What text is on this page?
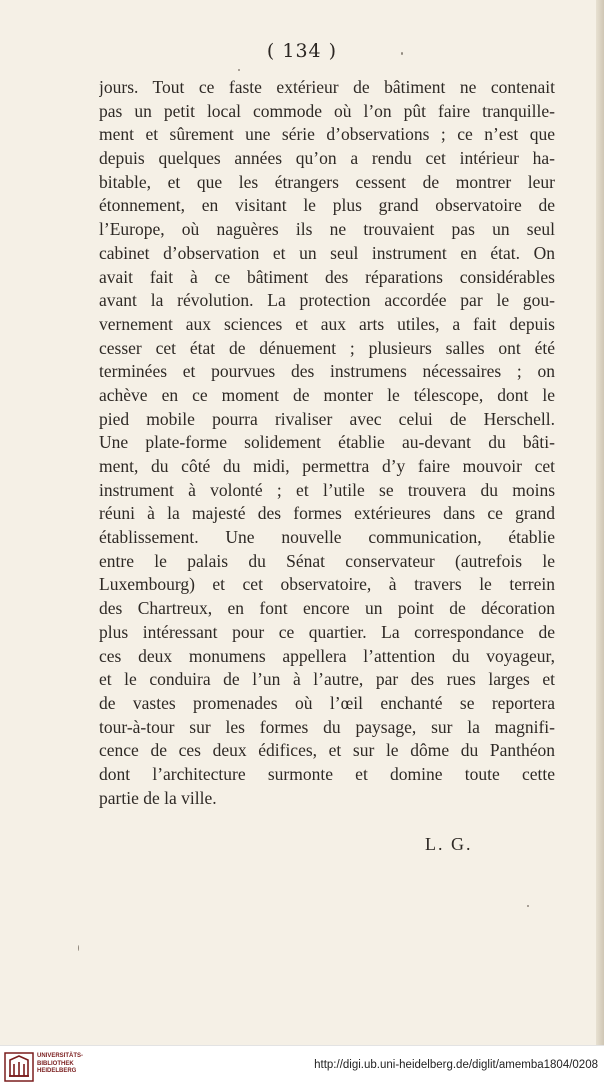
( 134 )
jours. Tout ce faste extérieur de bâtiment ne contenait
pas un petit local commode où l’on pût faire tranquille-
ment et sûrement une série d’observations ; ce n’est que
depuis quelques années qu’on a rendu cet intérieur ha-
bitable, et que les étrangers cessent de montrer leur
étonnement, en visitant le plus grand observatoire de
l’Europe, où naguères ils ne trouvaient pas un seul
cabinet d’observation et un seul instrument en état. On
avait fait à ce bâtiment des réparations considérables
avant la révolution. La protection accordée par le gou-
vernement aux sciences et aux arts utiles, a fait depuis
cesser cet état de dénuement ; plusieurs salles ont été
terminées et pourvues des instrumens nécessaires ; on
achève en ce moment de monter le télescope, dont le
pied mobile pourra rivaliser avec celui de Herschell.
Une plate-forme solidement établie au-devant du bâti-
ment, du côté du midi, permettra d’y faire mouvoir cet
instrument à volonté ; et l’utile se trouvera du moins
réuni à la majesté des formes extérieures dans ce grand
établissement. Une nouvelle communication, établie
entre le palais du Sénat conservateur (autrefois le
Luxembourg) et cet observatoire, à travers le terrein
des Chartreux, en font encore un point de décoration
plus intéressant pour ce quartier. La correspondance de
ces deux monumens appellera l’attention du voyageur,
et le conduira de l’un à l’autre, par des rues larges et
de vastes promenades où l’œil enchanté se reportera
tour-à-tour sur les formes du paysage, sur la magnifi-
cence de ces deux édifices, et sur le dôme du Panthéon
dont l’architecture surmonte et domine toute cette
partie de la ville.
L. G.
UNIVERSITÄTS-
BIBLIOTHEK
HEIDELBERG	http://digi.ub.uni-heidelberg.de/diglit/amemba1804/0208
